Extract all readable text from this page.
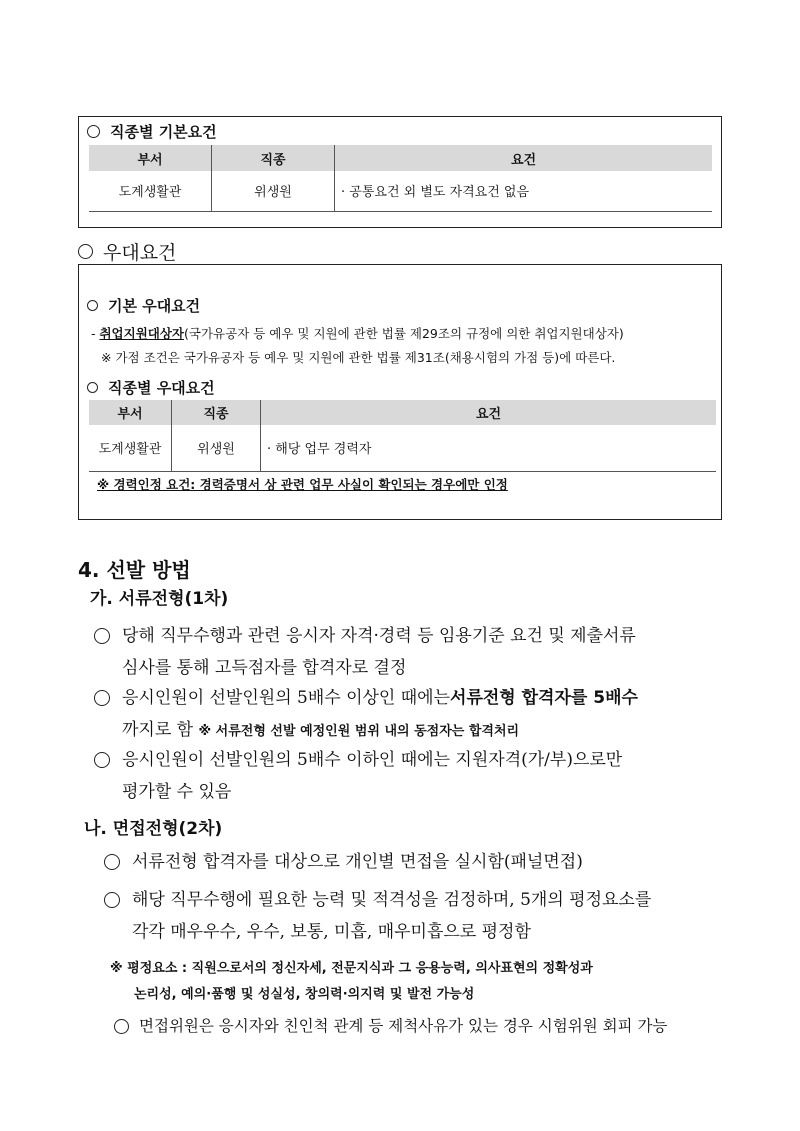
직종별 기본요건
부서	직종	요건
도계생활관	위생원	· 공통요건 외 별도 자격요건 없음
우대요건
기본 우대요건
- 취업지원대상자(국가유공자 등 예우 및 지원에 관한 법률 제29조의 규정에 의한 취업지원대상자)
※ 가점 조건은 국가유공자 등 예우 및 지원에 관한 법률 제31조(채용시험의 가점 등)에 따른다.
직종별 우대요건
부서	직종	요건
도계생활관	위생원	· 해당 업무 경력자
※ 경력인정 요건: 경력증명서 상 관련 업무 사실이 확인되는 경우에만 인정
4. 선발 방법
가. 서류전형(1차)
당해 직무수행과 관련 응시자 자격·경력 등 임용기준 요건 및 제출서류
심사를 통해 고득점자를 합격자로 결정
응시인원이 선발인원의 5배수 이상인 때에는 서류전형 합격자를 5배수
까지로 함 ※ 서류전형 선발 예정인원 범위 내의 동점자는 합격처리
응시인원이 선발인원의 5배수 이하인 때에는 지원자격(가/부)으로만
평가할 수 있음
나. 면접전형(2차)
서류전형 합격자를 대상으로 개인별 면접을 실시함(패널면접)
해당 직무수행에 필요한 능력 및 적격성을 검정하며, 5개의 평정요소를
각각 매우우수, 우수, 보통, 미흡, 매우미흡으로 평정함
※ 평정요소 : 직원으로서의 정신자세, 전문지식과 그 응용능력, 의사표현의 정확성과
논리성, 예의·품행 및 성실성, 창의력·의지력 및 발전 가능성
면접위원은 응시자와 친인척 관계 등 제척사유가 있는 경우 시험위원 회피 가능
